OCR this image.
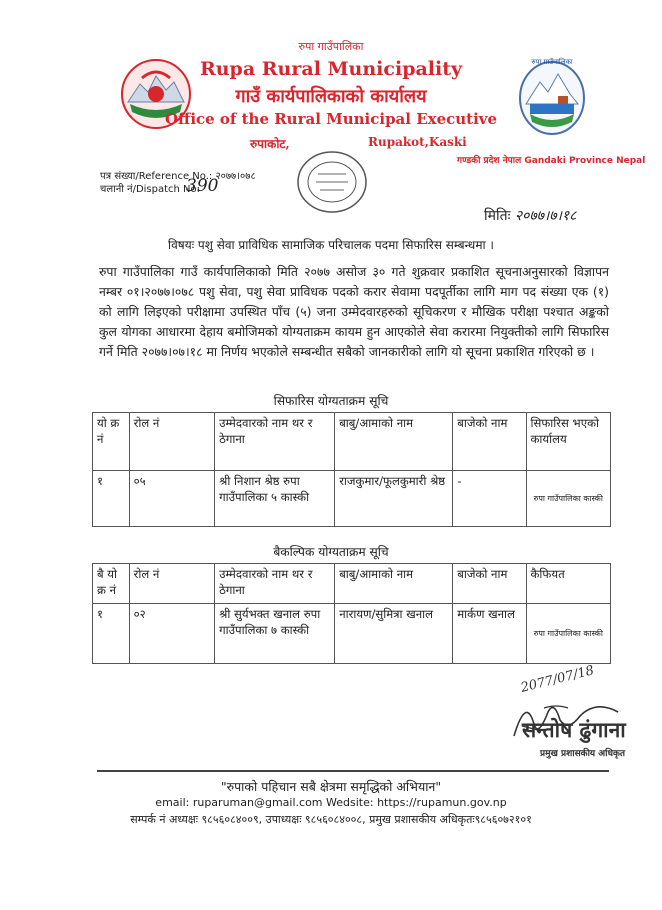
रुपा गाउँपालिका
रुपा गाउँपालिका
Rupa Rural Municipality
गाउँ कार्यपालिकाको कार्यालय
Office of the Rural Municipal Executive
रुपाकोट,	Rupakot,Kaski
गण्डकी प्रदेश नेपाल Gandaki Province Nepal
पत्र संख्या/Reference No.: २०७७।०७८
चलानी नं/Dispatch No:
390
मितिः २०७७।७।१८
विषयः पशु सेवा प्राविधिक सामाजिक परिचालक पदमा सिफारिस सम्बन्धमा ।
रुपा गाउँपालिका गाउँ कार्यपालिकाको मिति २०७७ असोज ३० गते शुक्रवार प्रकाशित सूचनाअनुसारको विज्ञापन नम्बर ०१।२०७७।०७८ पशु सेवा, पशु सेवा प्राविधक पदको करार सेवामा पदपूर्तीका लागि माग पद संख्या एक (१) को लागि लिइएको परीक्षामा उपस्थित पाँच (५) जना उम्मेदवारहरुको सूचिकरण र मौखिक परीक्षा पश्चात अङ्कको कुल योगका आधारमा देहाय बमोजिमको योग्यताक्रम कायम हुन आएकोले सेवा करारमा नियुक्तीको लागि सिफारिस गर्ने मिति २०७७।०७।१८ मा निर्णय भएकोले सम्बन्धीत सबैको जानकारीको लागि यो सूचना प्रकाशित गरिएको छ ।
सिफारिस योग्यताक्रम सूचि
यो क्र नं	रोल नं	उम्मेदवारको नाम थर र ठेगाना	बाबु/आमाको नाम	बाजेको नाम	सिफारिस भएको कार्यालय
१	०५	श्री निशान श्रेष्ठ रुपा गाउँपालिका ५ कास्की	राजकुमार/फूलकुमारी श्रेष्ठ	-	रुपा गाउँपालिका कास्की
बैकल्पिक योग्यताक्रम सूचि
बै यो क्र नं	रोल नं	उम्मेदवारको नाम थर र ठेगाना	बाबु/आमाको नाम	बाजेको नाम	कैफियत
१	०२	श्री सुर्यभक्त खनाल रुपा गाउँपालिका ७ कास्की	नारायण/सुमित्रा खनाल	मार्कण खनाल	रुपा गाउँपालिका कास्की
2077/07/18
सन्तोष ढुंगाना
प्रमुख प्रशासकीय अधिकृत
"रुपाको पहिचान सबै क्षेत्रमा समृद्धिको अभियान"
email: ruparuman@gmail.com Wedsite: https://rupamun.gov.np
सम्पर्क नं अध्यक्षः ९८५६०८४००९, उपाध्यक्षः ९८५६०८४००८, प्रमुख प्रशासकीय अधिकृतः९८५६०७२१०१
